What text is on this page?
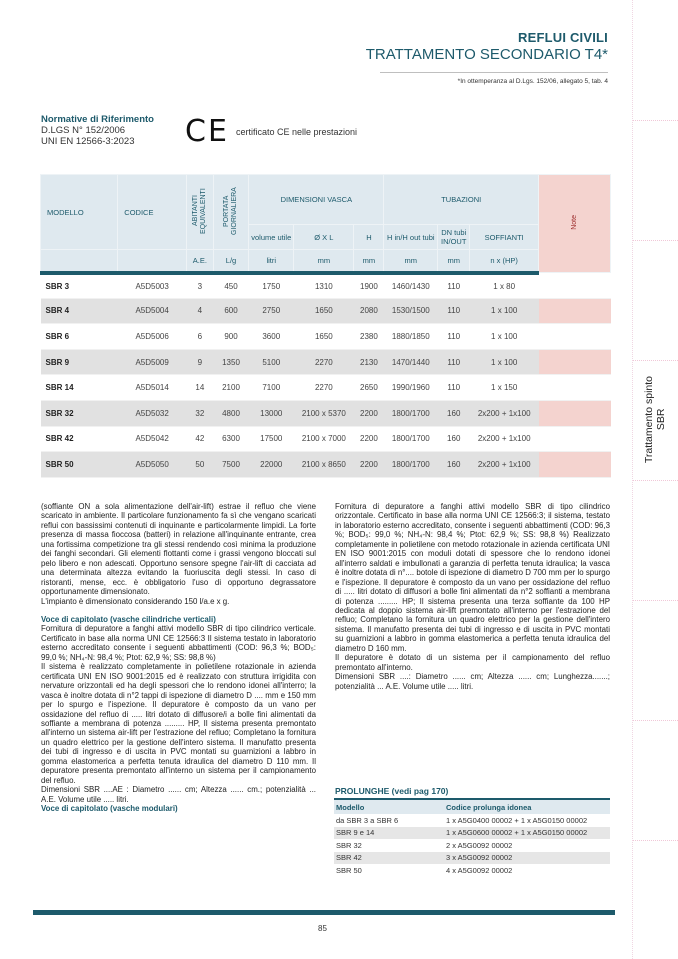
REFLUI CIVILI
TRATTAMENTO SECONDARIO T4*
*In ottemperanza al D.Lgs. 152/06, allegato 5, tab. 4
Normative di Riferimento
D.LGS N° 152/2006
UNI EN 12566-3:2023	CE certificato CE nelle prestazioni
MODELLO	CODICE	ABITANTI EQUIVALENTI	PORTATA GIORNALIERA	DIMENSIONI VASCA			TUBAZIONI			Note
				volume utile	Ø X L	H	H in/H out tubi	DN tubi IN/OUT	SOFFIANTI	
		A.E.	L/g	litri	mm	mm	mm	mm	n x (HP)	
SBR 3	A5D5003	3	450	1750	1310	1900	1460/1430	110	1 x 80	
SBR 4	A5D5004	4	600	2750	1650	2080	1530/1500	110	1 x 100	
SBR 6	A5D5006	6	900	3600	1650	2380	1880/1850	110	1 x 100	
SBR 9	A5D5009	9	1350	5100	2270	2130	1470/1440	110	1 x 100	
SBR 14	A5D5014	14	2100	7100	2270	2650	1990/1960	110	1 x 150	
SBR 32	A5D5032	32	4800	13000	2100 x 5370	2200	1800/1700	160	2x200 + 1x100	
SBR 42	A5D5042	42	6300	17500	2100 x 7000	2200	1800/1700	160	2x200 + 1x100	
SBR 50	A5D5050	50	7500	22000	2100 x 8650	2200	1800/1700	160	2x200 + 1x100	

(soffiante ON a sola alimentazione dell'air-lift) estrae il refluo che viene scaricato in ambiente. Il particolare funzionamento fa sì che vengano scaricati reflui con bassissimi contenuti di inquinante e particolarmente limpidi. La forte presenza di massa fioccosa (batteri) in relazione all'inquinante entrante, crea una fortissima competizione tra gli stessi rendendo così minima la produzione dei fanghi secondari. Gli elementi flottanti come i grassi vengono bloccati sul pelo libero e non adescati. Opportuno sensore spegne l'air-lift di cacciata ad una determinata altezza evitando la fuoriuscita degli stessi. In caso di ristoranti, mense, ecc. è obbligatorio l'uso di opportuno degrassatore opportunamente dimensionato.

L'impianto è dimensionato considerando 150 l/a.e x g.

Voce di capitolato (vasche cilindriche verticali)

Fornitura di depuratore a fanghi attivi modello SBR di tipo cilindrico verticale. Certificato in base alla norma UNI CE 12566:3 Il sistema testato in laboratorio esterno accreditato consente i seguenti abbattimenti (COD: 96,3 %; BOD₅: 99,0 %; NH₄-N: 98,4 %; Ptot: 62,9 %; SS: 98,8 %)

Il sistema è realizzato completamente in polietilene rotazionale in azienda certificata UNI EN ISO 9001:2015 ed è realizzato con struttura irrigidita con nervature orizzontali ed ha degli spessori che lo rendono idonei all'interro; la vasca è inoltre dotata di n°2 tappi di ispezione di diametro D .... mm e 150 mm per lo spurgo e l'ispezione. Il depuratore è composto da un vano per ossidazione del refluo di ..... litri dotato di diffusore/i a bolle fini alimentati da soffiante a membrana di potenza ......... HP, Il sistema presenta premontato all'interno un sistema air-lift per l'estrazione del refluo; Completano la fornitura un quadro elettrico per la gestione dell'intero sistema. Il manufatto presenta dei tubi di ingresso e di uscita in PVC montati su guarnizioni a labbro in gomma elastomerica a perfetta tenuta idraulica del diametro D 110 mm. Il depuratore presenta premontato all'interno un sistema per il campionamento del refluo.

Dimensioni SBR ....AE : Diametro ...... cm; Altezza ...... cm.; potenzialità ... A.E. Volume utile ..... litri.

Voce di capitolato (vasche modulari)

Fornitura di depuratore a fanghi attivi modello SBR di tipo cilindrico orizzontale. Certificato in base alla norma UNI CE 12566:3; il sistema, testato in laboratorio esterno accreditato, consente i seguenti abbattimenti (COD: 96,3 %; BOD₅: 99,0 %; NH₄-N: 98,4 %; Ptot: 62,9 %; SS: 98,8 %) Realizzato completamente in polietilene con metodo rotazionale in azienda certificata UNI EN ISO 9001:2015 con moduli dotati di spessore che lo rendono idonei all'interro saldati e imbullonati a garanzia di perfetta tenuta idraulica; la vasca è inoltre dotata di n°.... botole di ispezione di diametro D 700 mm per lo spurgo e l'ispezione. Il depuratore è composto da un vano per ossidazione del refluo di ..... litri dotato di diffusori a bolle fini alimentati da n°2 soffianti a membrana di potenza ......... HP; Il sistema presenta una terza soffiante da 100 HP dedicata al doppio sistema air-lift premontato all'interno per l'estrazione del refluo; Completano la fornitura un quadro elettrico per la gestione dell'intero sistema. Il manufatto presenta dei tubi di ingresso e di uscita in PVC montati su guarnizioni a labbro in gomma elastomerica a perfetta tenuta idraulica del diametro D 160 mm.

Il depuratore è dotato di un sistema per il campionamento del refluo premontato all'interno.

Dimensioni SBR ....: Diametro ...... cm; Altezza ...... cm; Lunghezza.......; potenzialità ... A.E. Volume utile ..... litri.

PROLUNGHE (vedi pag 170)
Modello	Codice prolunga idonea
da SBR 3 a SBR 6	1 x A5G0400 00002 + 1 x A5G0150 00002
SBR 9 e 14	1 x A5G0600 00002 + 1 x A5G0150 00002
SBR 32	2 x A5G0092 00002
SBR 42	3 x A5G0092 00002
SBR 50	4 x A5G0092 00002
85
Trattamento spinto
SBR
